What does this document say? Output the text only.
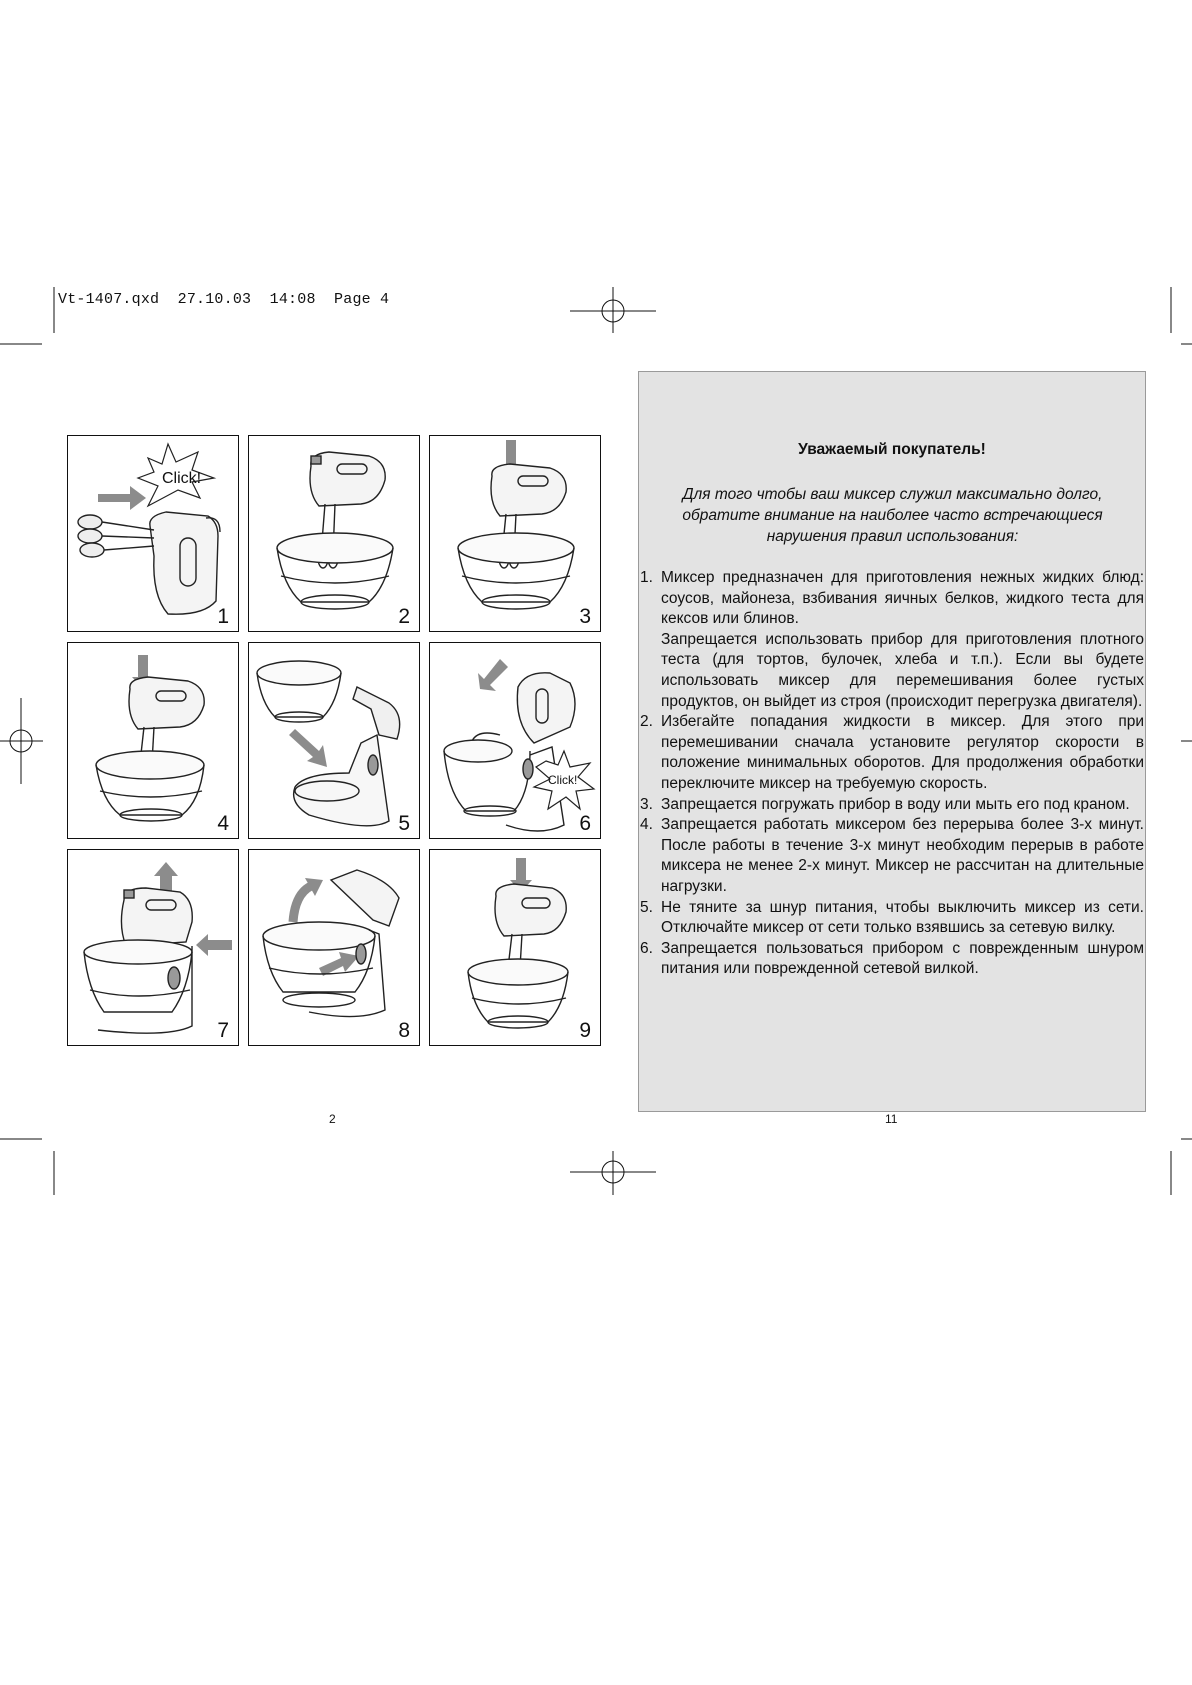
Vt-1407.qxd  27.10.03  14:08  Page 4
Click!
1	2	3
4	5
Click!
6
7	8	9
Уважаемый покупатель!
Для того чтобы ваш миксер служил максимально долго, обратите внимание на наиболее часто встречающиеся нарушения правил использования:
1. Миксер предназначен для приготовления нежных жидких блюд: соусов, майонеза, взбивания яичных белков, жидкого теста для кексов или блинов.

Запрещается использовать прибор для приготовления плотного теста (для тортов, булочек, хлеба и т.п.). Если вы будете использовать миксер для перемешивания более густых продуктов, он выйдет из строя (происходит перегрузка двигателя).

2. Избегайте попадания жидкости в миксер. Для этого при перемешивании сначала установите регулятор скорости в положение минимальных оборотов. Для продолжения обработки переключите миксер на требуемую скорость.

3. Запрещается погружать прибор в воду или мыть его под краном.

4. Запрещается работать миксером без перерыва более 3-х минут. После работы в течение 3-х минут необходим перерыв в работе миксера не менее 2-х минут. Миксер не рассчитан на длительные нагрузки.

5. Не тяните за шнур питания, чтобы выключить миксер из сети. Отключайте миксер от сети только взявшись за сетевую вилку.

6. Запрещается пользоваться прибором с поврежденным шнуром питания или поврежденной сетевой вилкой.

2	11
